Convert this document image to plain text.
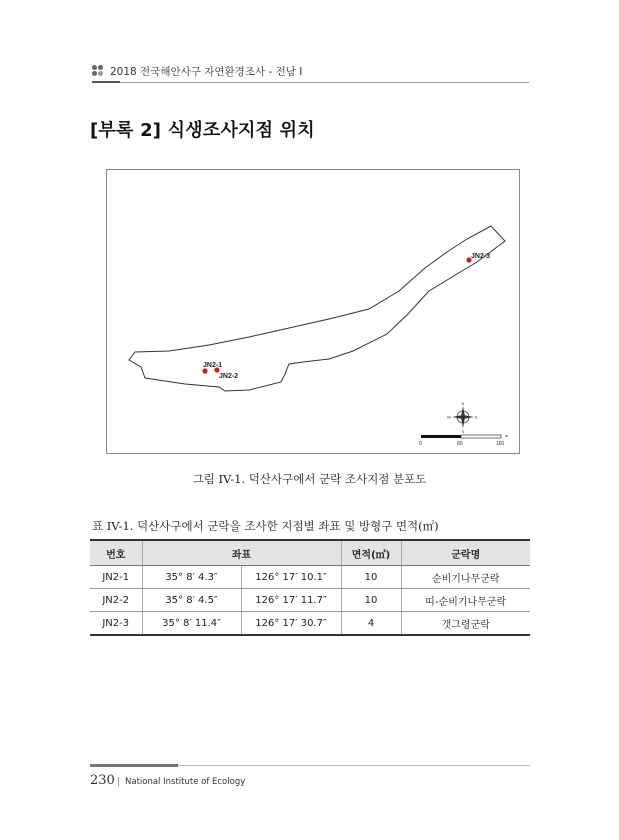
2018 전국해안사구 자연환경조사 - 전남 I
[부록 2] 식생조사지점 위치
JN2-1
JN2-2
JN2-3
N
S
E
W
0	80	160
m
그림 IV-1. 덕산사구에서 군락 조사지점 분포도
표 IV-1. 덕산사구에서 군락을 조사한 지점별 좌표 및 방형구 면적(㎡)
번호	좌표		면적(㎡)	군락명
JN2-1	35° 8′ 4.3″	126° 17′ 10.1″	10	순비기나무군락
JN2-2	35° 8′ 4.5″	126° 17′ 11.7″	10	띠-순비기나무군락
JN2-3	35° 8′ 11.4″	126° 17′ 30.7″	4	갯그령군락
230 | National Institute of Ecology
